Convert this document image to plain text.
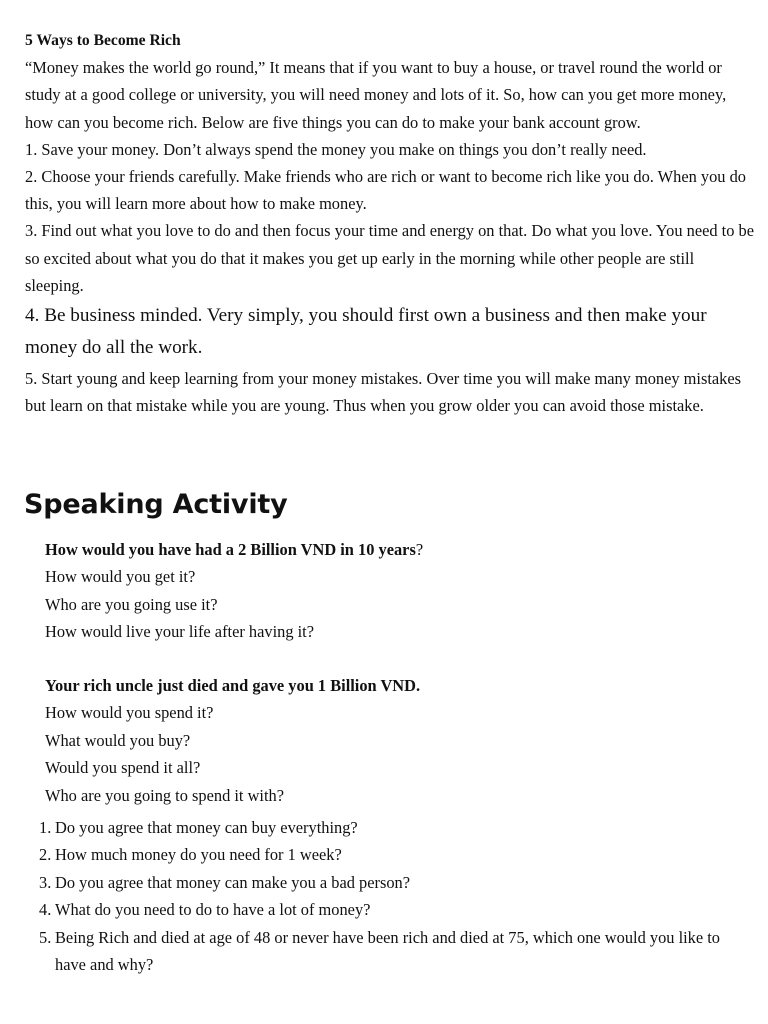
5 Ways to Become Rich

“Money makes the world go round,” It means that if you want to buy a house, or travel round the world or study at a good college or university, you will need money and lots of it. So, how can you get more money, how can you become rich. Below are five things you can do to make your bank account grow.

1. Save your money. Don’t always spend the money you make on things you don’t really need.

2. Choose your friends carefully. Make friends who are rich or want to become rich like you do. When you do this, you will learn more about how to make money.

3. Find out what you love to do and then focus your time and energy on that. Do what you love. You need to be so excited about what you do that it makes you get up early in the morning while other people are still sleeping.

4. Be business minded. Very simply, you should first own a business and then make your money do all the work.

5. Start young and keep learning from your money mistakes. Over time you will make many money mistakes but learn on that mistake while you are young. Thus when you grow older you can avoid those mistake.

Speaking Activity

How would you have had a 2 Billion VND in 10 years?

How would you get it?

Who are you going use it?

How would live your life after having it?

Your rich uncle just died and gave you 1 Billion VND.

How would you spend it?

What would you buy?

Would you spend it all?

Who are you going to spend it with?

1. Do you agree that money can buy everything?
2. How much money do you need for 1 week?
3. Do you agree that money can make you a bad person?
4. What do you need to do to have a lot of money?
5. Being Rich and died at age of 48 or never have been rich and died at 75, which one would you like to have and why?
